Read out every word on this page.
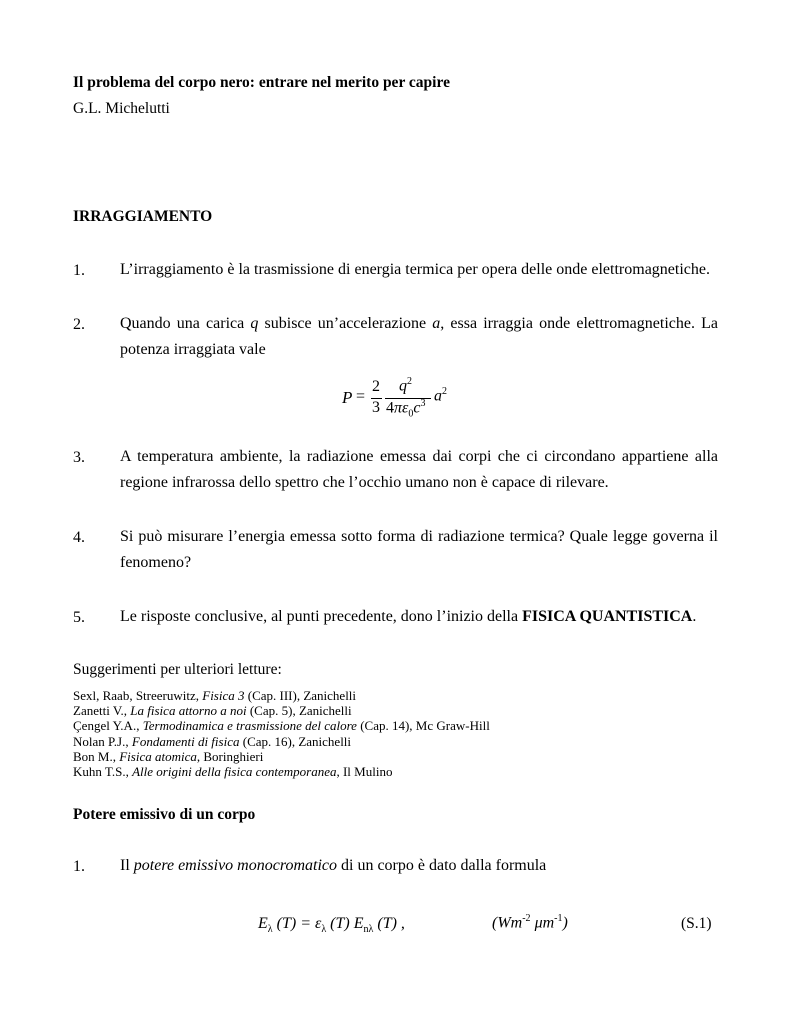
Il problema del corpo nero: entrare nel merito per capire
G.L. Michelutti
IRRAGGIAMENTO
1. L’irraggiamento è la trasmissione di energia termica per opera delle onde elettromagnetiche.
2. Quando una carica q subisce un’accelerazione a, essa irraggia onde elettromagnetiche. La
potenza irraggiata vale
P =
2
3
$q^2$
$4\pi\varepsilon_0c^3$ $a^2$
3. A temperatura ambiente, la radiazione emessa dai corpi che ci circondano appartiene alla
regione infrarossa dello spettro che l’occhio umano non è capace di rilevare.
4. Si può misurare l’energia emessa sotto forma di radiazione termica? Quale legge governa il
fenomeno?
5. Le risposte conclusive, al punti precedente, dono l’inizio della FISICA QUANTISTICA.
Suggerimenti per ulteriori letture:
Sexl, Raab, Streeruwitz, Fisica 3 (Cap. III), Zanichelli
Zanetti V., La fisica attorno a noi (Cap. 5), Zanichelli
Çengel Y.A., Termodinamica e trasmissione del calore (Cap. 14), Mc Graw-Hill
Nolan P.J., Fondamenti di fisica (Cap. 16), Zanichelli
Bon M., Fisica atomica, Boringhieri
Kuhn T.S., Alle origini della fisica contemporanea, Il Mulino
Potere emissivo di un corpo
1. Il potere emissivo monocromatico di un corpo è dato dalla formula
$E_\lambda$ $(T) = \varepsilon_\lambda$ (T) $E_{n\lambda}$ (T) ,	($Wm^{-2}$ $\mu m^{-1}$)	(S.1)
